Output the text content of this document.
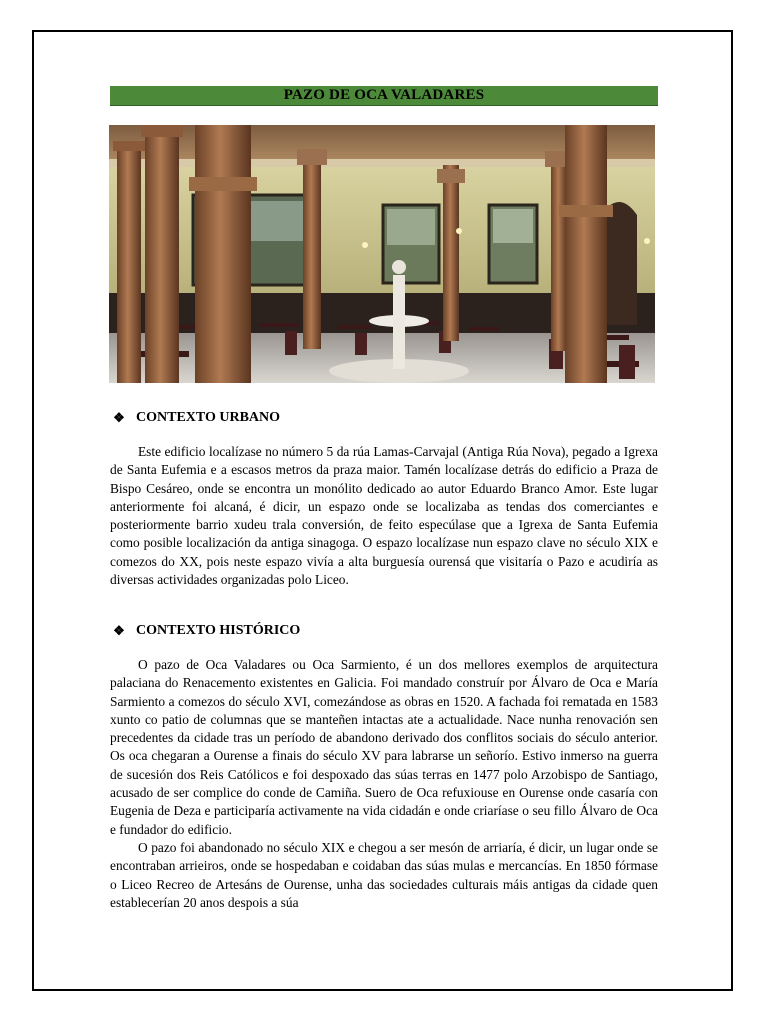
PAZO DE OCA VALADARES
❖ CONTEXTO URBANO

Este edificio localízase no número 5 da rúa Lamas-Carvajal (Antiga Rúa Nova), pegado a Igrexa de Santa Eufemia e a escasos metros da praza maior. Tamén localízase detrás do edificio a Praza de Bispo Cesáreo, onde se encontra un monólito dedicado ao autor Eduardo Branco Amor. Este lugar anteriormente foi alcaná, é dicir, un espazo onde se localizaba as tendas dos comerciantes e posteriormente barrio xudeu trala conversión, de feito especúlase que a Igrexa de Santa Eufemia como posible localización da antiga sinagoga. O espazo localízase nun espazo clave no século XIX e comezos do XX, pois neste espazo vivía a alta burguesía ourensá que visitaría o Pazo e acudiría as diversas actividades organizadas polo Liceo.

❖ CONTEXTO HISTÓRICO

O pazo de Oca Valadares ou Oca Sarmiento, é un dos mellores exemplos de arquitectura palaciana do Renacemento existentes en Galicia. Foi mandado construír por Álvaro de Oca e María Sarmiento a comezos do século XVI, comezándose as obras en 1520. A fachada foi rematada en 1583 xunto co patio de columnas que se manteñen intactas ate a actualidade. Nace nunha renovación sen precedentes da cidade tras un período de abandono derivado dos conflitos sociais do século anterior. Os oca chegaran a Ourense a finais do século XV para labrarse un señorío. Estivo inmerso na guerra de sucesión dos Reis Católicos e foi despoxado das súas terras en 1477 polo Arzobispo de Santiago, acusado de ser complice do conde de Camiña. Suero de Oca refuxiouse en Ourense onde casaría con Eugenia de Deza e participaría activamente na vida cidadán e onde criaríase o seu fillo Álvaro de Oca e fundador do edificio.

O pazo foi abandonado no século XIX e chegou a ser mesón de arriaría, é dicir, un lugar onde se encontraban arrieiros, onde se hospedaban e coidaban das súas mulas e mercancías. En 1850 fórmase o Liceo Recreo de Artesáns de Ourense, unha das sociedades culturais máis antigas da cidade quen establecerían 20 anos despois a súa
